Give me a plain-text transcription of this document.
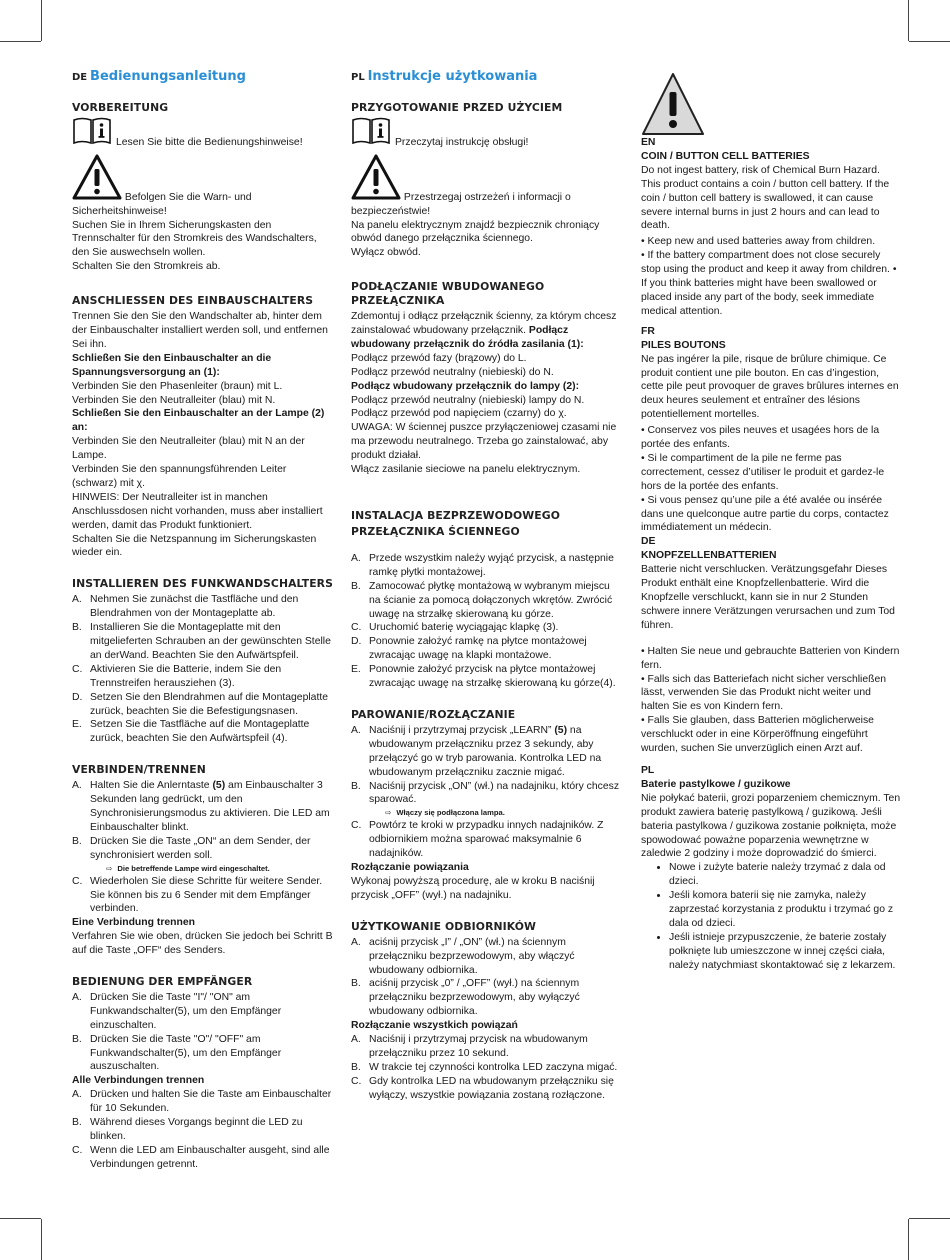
DE Bedienungsanleitung
VORBEREITUNG
Lesen Sie bitte die Bedienungshinweise!
Befolgen Sie die Warn- und Sicherheitshinweise!

Suchen Sie in Ihrem Sicherungskasten den Trennschalter für den Stromkreis des Wandschalters, den Sie auswechseln wollen.

Schalten Sie den Stromkreis ab.

ANSCHLIESSEN DES EINBAUSCHALTERS

Trennen Sie den Sie den Wandschalter ab, hinter dem der Einbauschalter installiert werden soll, und entfernen Sei ihn.

Schließen Sie den Einbauschalter an die Spannungsversorgung an (1):

Verbinden Sie den Phasenleiter (braun) mit L.

Verbinden Sie den Neutralleiter (blau) mit N.

Schließen Sie den Einbauschalter an der Lampe (2) an:

Verbinden Sie den Neutralleiter (blau) mit N an der Lampe.

Verbinden Sie den spannungsführenden Leiter (schwarz) mit χ.

HINWEIS: Der Neutralleiter ist in manchen Anschlussdosen nicht vorhanden, muss aber installiert werden, damit das Produkt funktioniert.

Schalten Sie die Netzspannung im Sicherungskasten wieder ein.

INSTALLIEREN DES FUNKWANDSCHALTERS
A. Nehmen Sie zunächst die Tastfläche und den Blendrahmen von der Montageplatte ab.
B. Installieren Sie die Montageplatte mit den mitgelieferten Schrauben an der gewünschten Stelle an derWand. Beachten Sie den Aufwärtspfeil.
C. Aktivieren Sie die Batterie, indem Sie den Trennstreifen herausziehen (3).
D. Setzen Sie den Blendrahmen auf die Montageplatte zurück, beachten Sie die Befestigungsnasen.
E. Setzen Sie die Tastfläche auf die Montageplatte zurück, beachten Sie den Aufwärtspfeil (4).
VERBINDEN/TRENNEN
A. Halten Sie die Anlerntaste (5) am Einbauschalter 3 Sekunden lang gedrückt, um den Synchronisierungsmodus zu aktivieren. Die LED am Einbauschalter blinkt.
B. Drücken Sie die Taste „ON“ an dem Sender, der synchronisiert werden soll.
⇨ Die betreffende Lampe wird eingeschaltet.
C. Wiederholen Sie diese Schritte für weitere Sender. Sie können bis zu 6 Sender mit dem Empfänger verbinden.

Eine Verbindung trennen

Verfahren Sie wie oben, drücken Sie jedoch bei Schritt B auf die Taste „OFF“ des Senders.

BEDIENUNG DER EMPFÄNGER
A. Drücken Sie die Taste "I"/ "ON" am Funkwandschalter(5), um den Empfänger einzuschalten.
B. Drücken Sie die Taste "O"/ "OFF" am Funkwandschalter(5), um den Empfänger auszuschalten.

Alle Verbindungen trennen

A. Drücken und halten Sie die Taste am Einbauschalter für 10 Sekunden.
B. Während dieses Vorgangs beginnt die LED zu blinken.
C. Wenn die LED am Einbauschalter ausgeht, sind alle Verbindungen getrennt.
PL Instrukcje użytkowania
PRZYGOTOWANIE PRZED UŻYCIEM
Przeczytaj instrukcję obsługi!
Przestrzegaj ostrzeżeń i informacji o bezpieczeństwie!

Na panelu elektrycznym znajdź bezpiecznik chroniący obwód danego przełącznika ściennego.

Wyłącz obwód.

PODŁĄCZANIE WBUDOWANEGO PRZEŁĄCZNIKA

Zdemontuj i odłącz przełącznik ścienny, za którym chcesz zainstalować wbudowany przełącznik. Podłącz wbudowany przełącznik do źródła zasilania (1):

Podłącz przewód fazy (brązowy) do L.

Podłącz przewód neutralny (niebieski) do N.

Podłącz wbudowany przełącznik do lampy (2):

Podłącz przewód neutralny (niebieski) lampy do N.

Podłącz przewód pod napięciem (czarny) do χ.

UWAGA: W ściennej puszce przyłączeniowej czasami nie ma przewodu neutralnego. Trzeba go zainstalować, aby produkt działał.

Włącz zasilanie sieciowe na panelu elektrycznym.

INSTALACJA BEZPRZEWODOWEGO PRZEŁĄCZNIKA ŚCIENNEGO
A. Przede wszystkim należy wyjąć przycisk, a następnie ramkę płytki montażowej.
B. Zamocować płytkę montażową w wybranym miejscu na ścianie za pomocą dołączonych wkrętów. Zwrócić uwagę na strzałkę skierowaną ku górze.
C. Uruchomić baterię wyciągając klapkę (3).
D. Ponownie założyć ramkę na płytce montażowej zwracając uwagę na klapki montażowe.
E. Ponownie założyć przycisk na płytce montażowej zwracając uwagę na strzałkę skierowaną ku górze(4).
PAROWANIE/ROZŁĄCZANIE
A. Naciśnij i przytrzymaj przycisk „LEARN” (5) na wbudowanym przełączniku przez 3 sekundy, aby przełączyć go w tryb parowania. Kontrolka LED na wbudowanym przełączniku zacznie migać.
B. Naciśnij przycisk „ON” (wł.) na nadajniku, który chcesz sparować.
⇨ Włączy się podłączona lampa.
C. Powtórz te kroki w przypadku innych nadajników. Z odbiornikiem można sparować maksymalnie 6 nadajników.

Rozłączanie powiązania

Wykonaj powyższą procedurę, ale w kroku B naciśnij przycisk „OFF” (wył.) na nadajniku.

UŻYTKOWANIE ODBIORNIKÓW
A. aciśnij przycisk „I” / „ON” (wł.) na ściennym przełączniku bezprzewodowym, aby włączyć wbudowany odbiornika.
B. aciśnij przycisk „0” / „OFF” (wył.) na ściennym przełączniku bezprzewodowym, aby wyłączyć wbudowany odbiornika.

Rozłączanie wszystkich powiązań

A. Naciśnij i przytrzymaj przycisk na wbudowanym przełączniku przez 10 sekund.
B. W trakcie tej czynności kontrolka LED zaczyna migać.
C. Gdy kontrolka LED na wbudowanym przełączniku się wyłączy, wszystkie powiązania zostaną rozłączone.

EN

COIN / BUTTON CELL BATTERIES

Do not ingest battery, risk of Chemical Burn Hazard. This product contains a coin / button cell battery. If the coin / button cell battery is swallowed, it can cause severe internal burns in just 2 hours and can lead to death.

• Keep new and used batteries away from children.
• If the battery compartment does not close securely stop using the product and keep it away from children. • If you think batteries might have been swallowed or placed inside any part of the body, seek immediate medical attention.

FR

PILES BOUTONS

Ne pas ingérer la pile, risque de brûlure chimique. Ce produit contient une pile bouton. En cas d’ingestion, cette pile peut provoquer de graves brûlures internes en deux heures seulement et entraîner des lésions potentiellement mortelles.

• Conservez vos piles neuves et usagées hors de la portée des enfants.
• Si le compartiment de la pile ne ferme pas correctement, cessez d’utiliser le produit et gardez-le hors de la portée des enfants.
• Si vous pensez qu’une pile a été avalée ou insérée dans une quelconque autre partie du corps, contactez immédiatement un médecin.

DE

KNOPFZELLENBATTERIEN

Batterie nicht verschlucken. Verätzungsgefahr Dieses Produkt enthält eine Knopfzellenbatterie. Wird die Knopfzelle verschluckt, kann sie in nur 2 Stunden schwere innere Verätzungen verursachen und zum Tod führen.

• Halten Sie neue und gebrauchte Batterien von Kindern fern.
• Falls sich das Batteriefach nicht sicher verschließen lässt, verwenden Sie das Produkt nicht weiter und halten Sie es von Kindern fern.
• Falls Sie glauben, dass Batterien möglicherweise verschluckt oder in eine Körperöffnung eingeführt wurden, suchen Sie unverzüglich einen Arzt auf.

PL

Baterie pastylkowe / guzikowe

Nie połykać baterii, grozi poparzeniem chemicznym. Ten produkt zawiera baterię pastylkową / guzikową. Jeśli bateria pastylkowa / guzikowa zostanie połknięta, może spowodować poważne poparzenia wewnętrzne w zaledwie 2 godziny i może doprowadzić do śmierci.

• Nowe i zużyte baterie należy trzymać z dala od dzieci.
• Jeśli komora baterii się nie zamyka, należy zaprzestać korzystania z produktu i trzymać go z dala od dzieci.
• Jeśli istnieje przypuszczenie, że baterie zostały połknięte lub umieszczone w innej części ciała, należy natychmiast skontaktować się z lekarzem.
